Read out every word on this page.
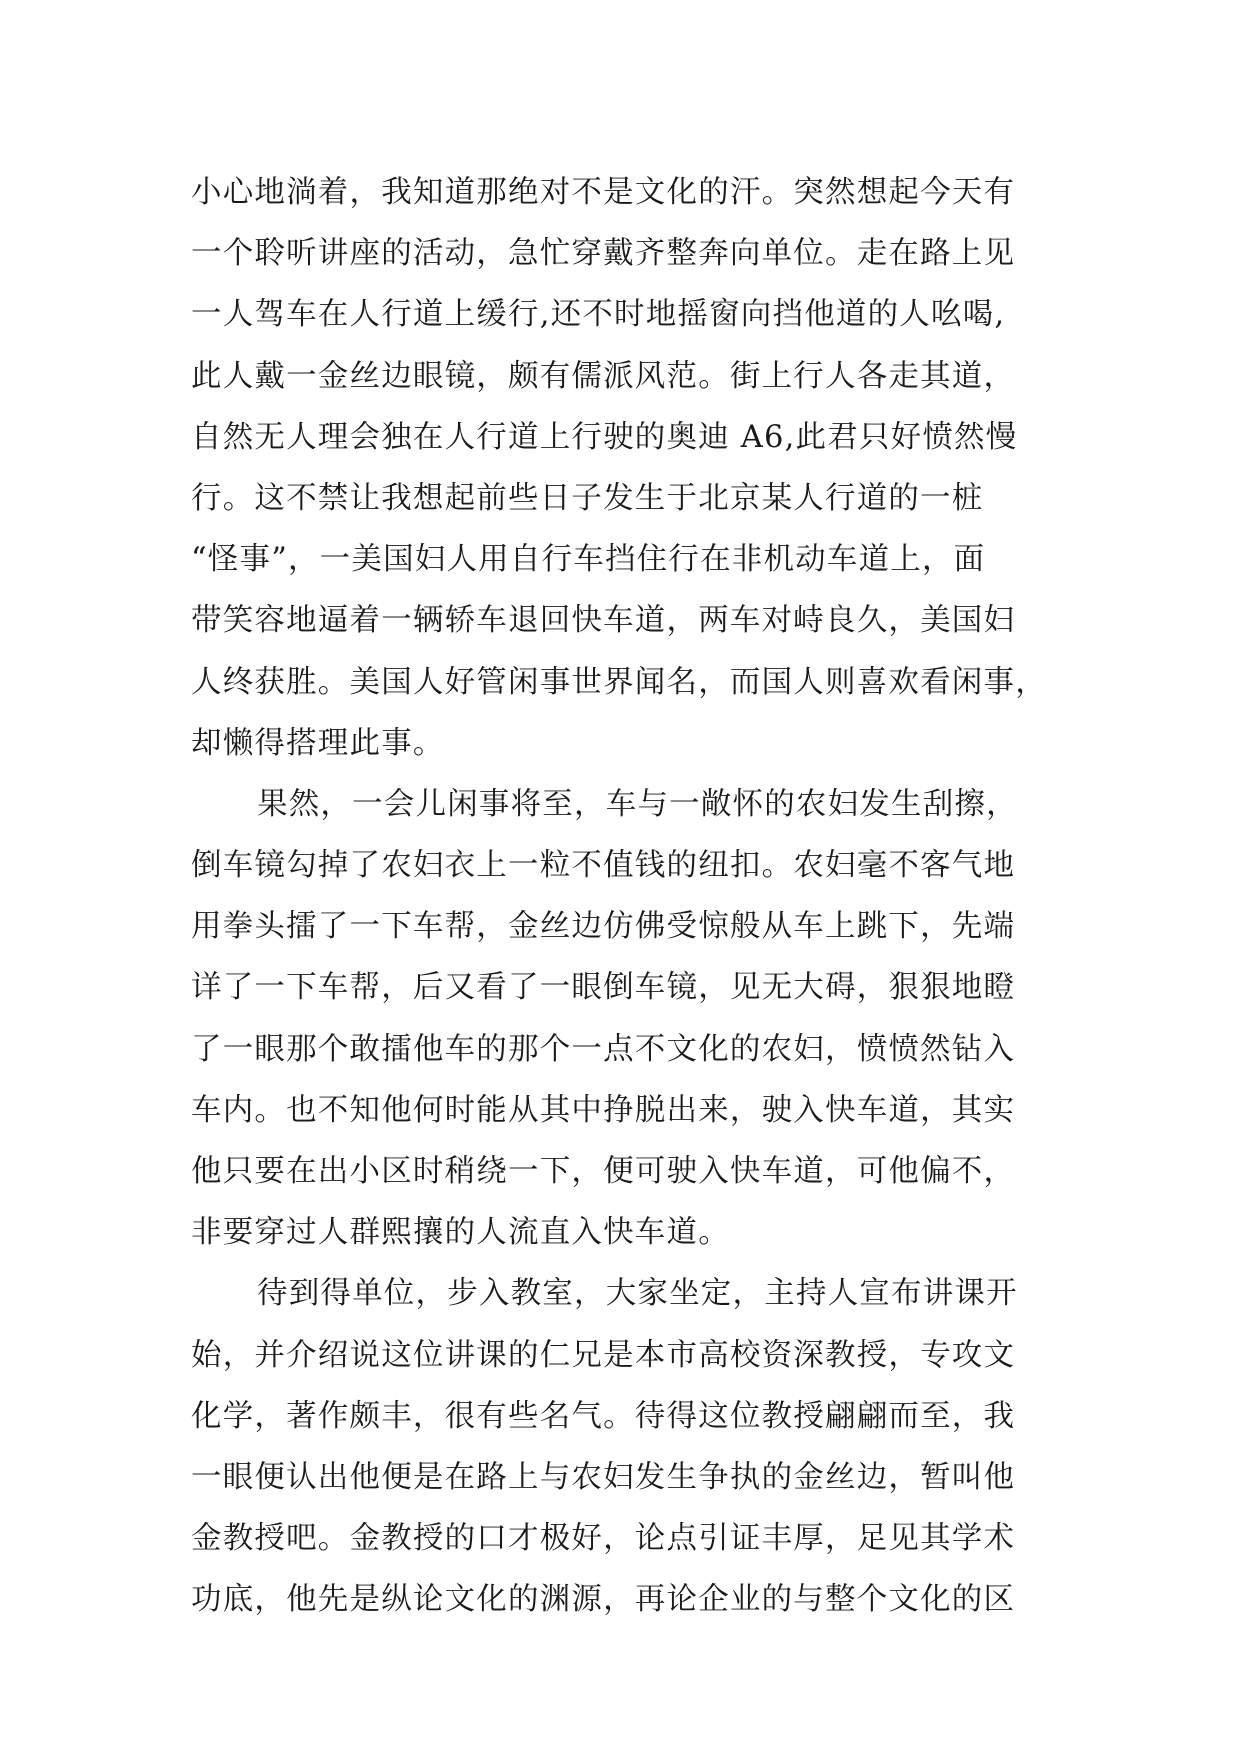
小心地淌着，我知道那绝对不是文化的汗。突然想起今天有
一个聆听讲座的活动，急忙穿戴齐整奔向单位。走在路上见
一人驾车在人行道上缓行,还不时地摇窗向挡他道的人吆喝,
此人戴一金丝边眼镜，颇有儒派风范。街上行人各走其道，
自然无人理会独在人行道上行驶的奥迪 A6,此君只好愤然慢
行。这不禁让我想起前些日子发生于北京某人行道的一桩
“怪事”，一美国妇人用自行车挡住行在非机动车道上，面
带笑容地逼着一辆轿车退回快车道，两车对峙良久，美国妇
人终获胜。美国人好管闲事世界闻名，而国人则喜欢看闲事，
却懒得搭理此事。
果然，一会儿闲事将至，车与一敞怀的农妇发生刮擦，
倒车镜勾掉了农妇衣上一粒不值钱的纽扣。农妇毫不客气地
用拳头擂了一下车帮，金丝边仿佛受惊般从车上跳下，先端
详了一下车帮，后又看了一眼倒车镜，见无大碍，狠狠地瞪
了一眼那个敢擂他车的那个一点不文化的农妇，愤愤然钻入
车内。也不知他何时能从其中挣脱出来，驶入快车道，其实
他只要在出小区时稍绕一下，便可驶入快车道，可他偏不，
非要穿过人群熙攘的人流直入快车道。
待到得单位，步入教室，大家坐定，主持人宣布讲课开
始，并介绍说这位讲课的仁兄是本市高校资深教授，专攻文
化学，著作颇丰，很有些名气。待得这位教授翩翩而至，我
一眼便认出他便是在路上与农妇发生争执的金丝边，暂叫他
金教授吧。金教授的口才极好，论点引证丰厚，足见其学术
功底，他先是纵论文化的渊源，再论企业的与整个文化的区
